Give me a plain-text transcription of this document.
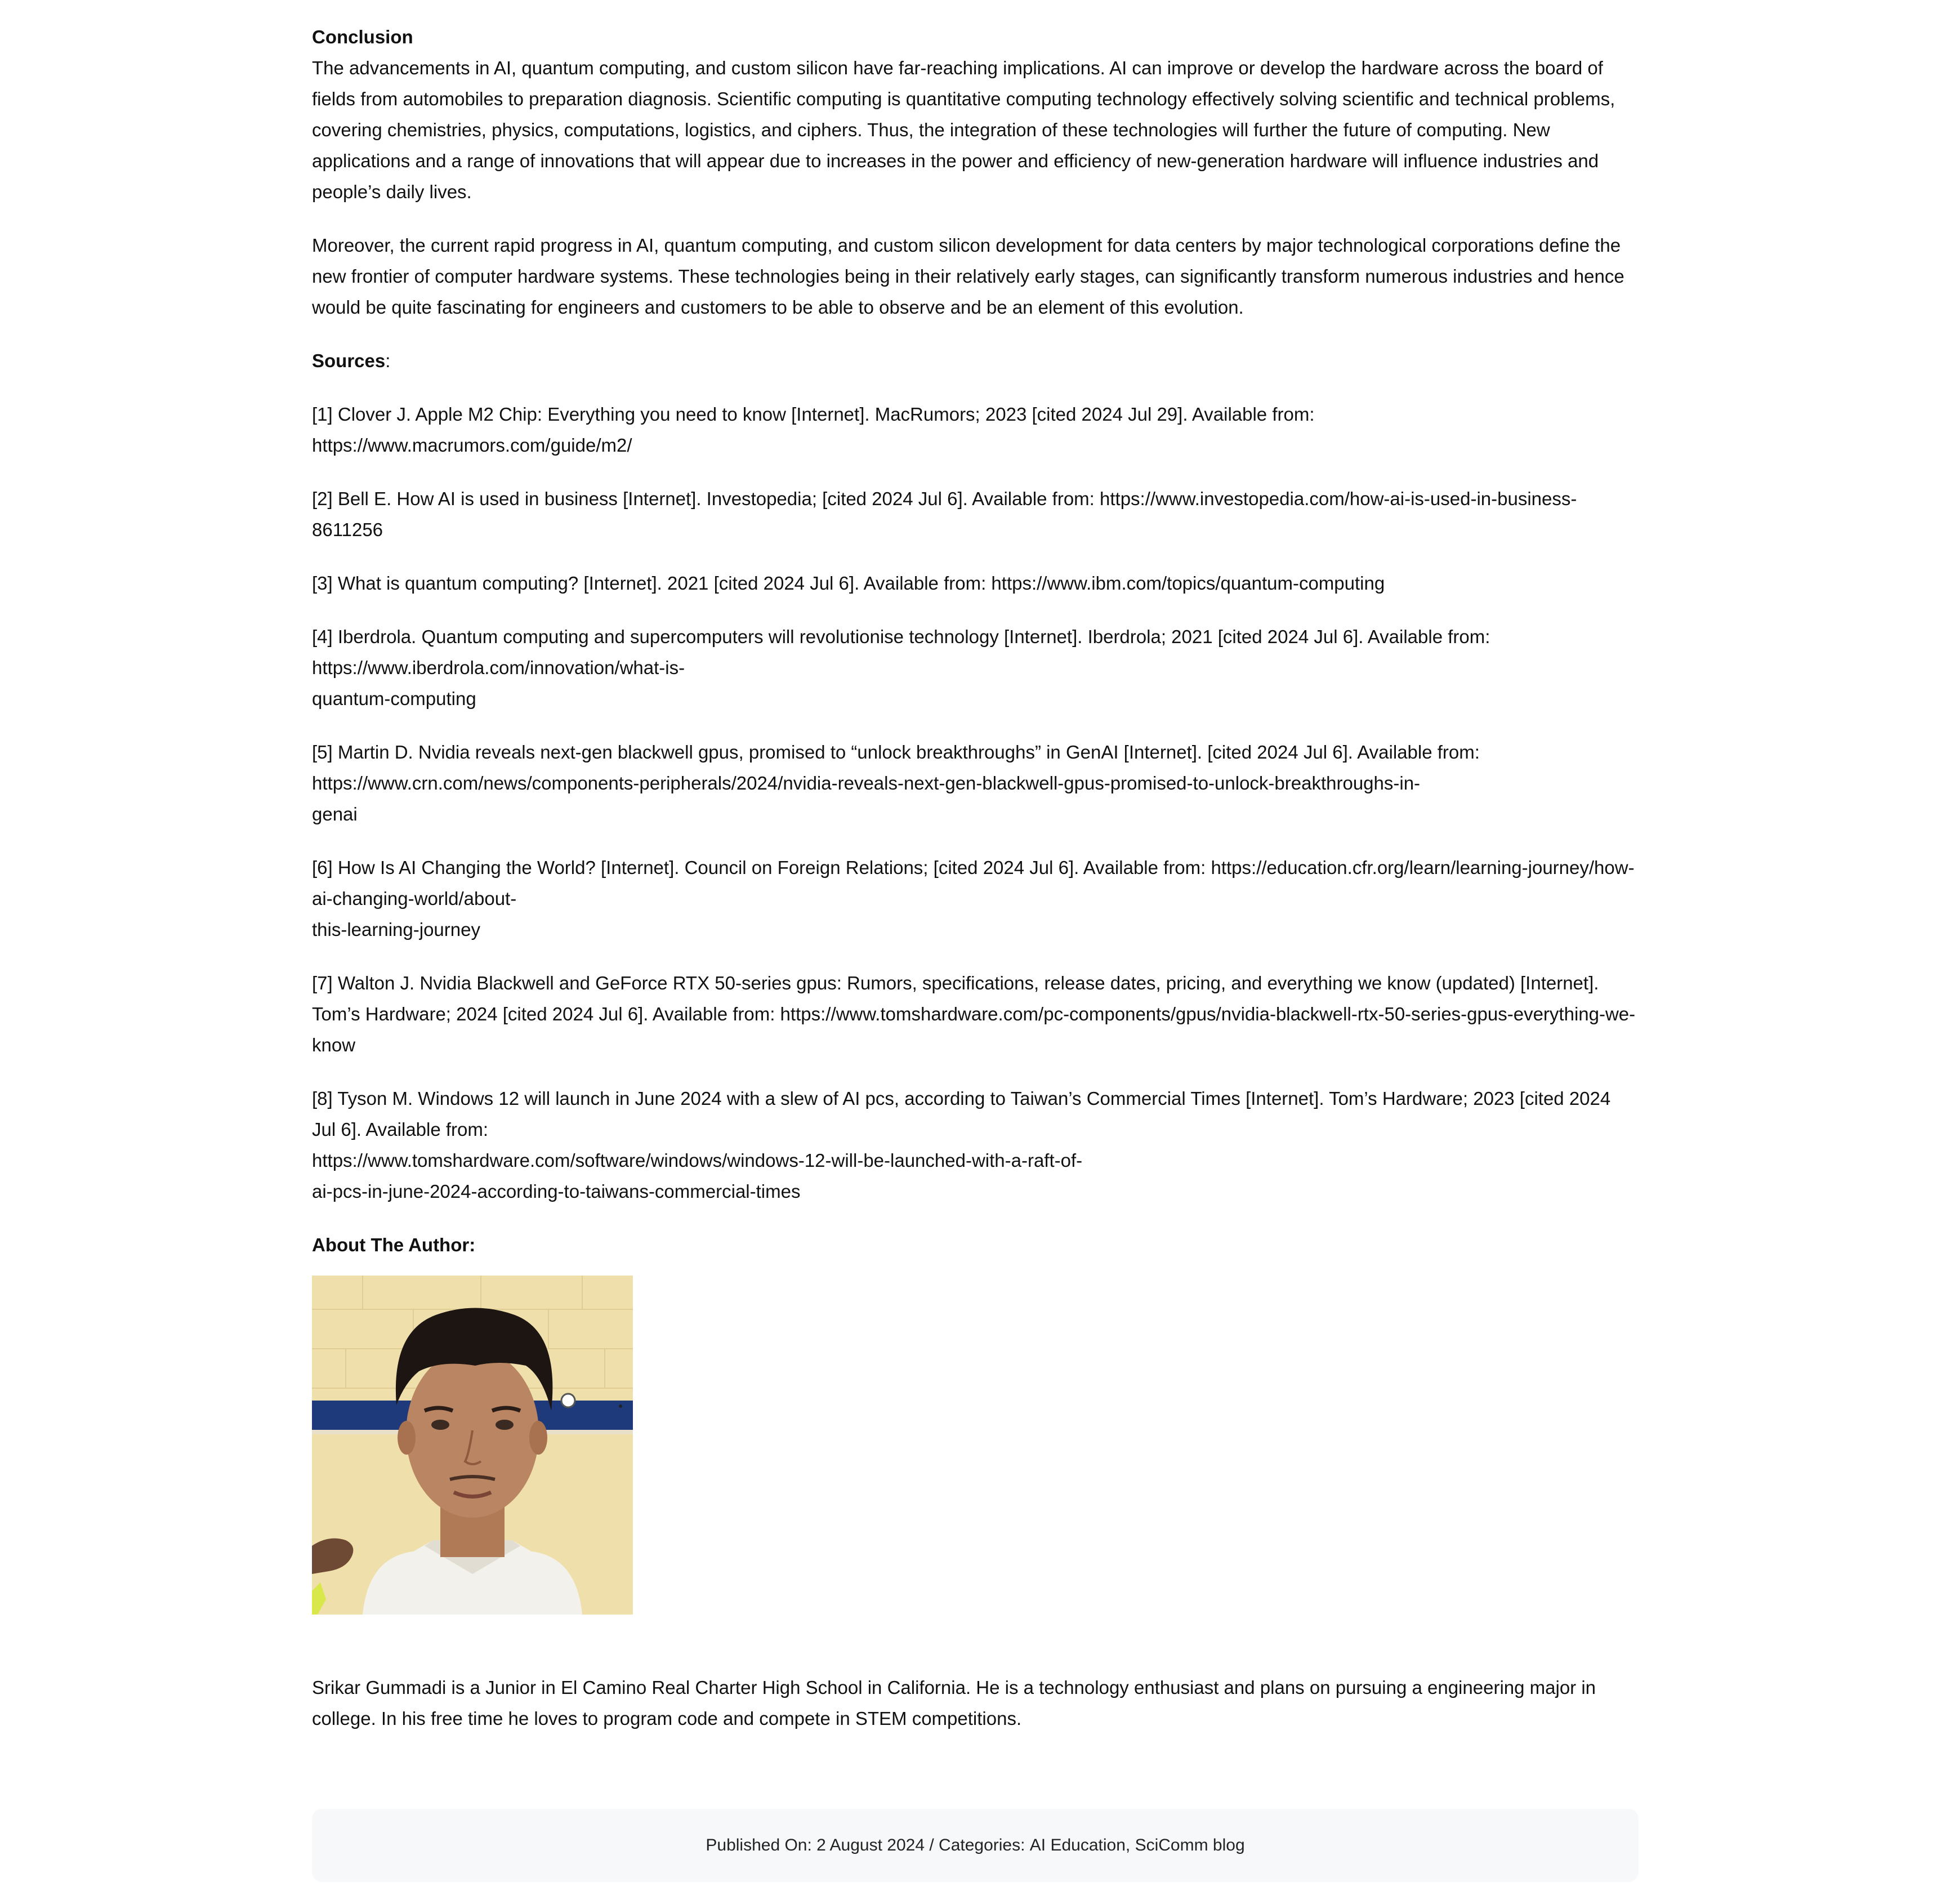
Conclusion

The advancements in AI, quantum computing, and custom silicon have far-reaching implications. AI can improve or develop the hardware across the board of fields from automobiles to preparation diagnosis. Scientific computing is quantitative computing technology effectively solving scientific and technical problems, covering chemistries, physics, computations, logistics, and ciphers. Thus, the integration of these technologies will further the future of computing. New applications and a range of innovations that will appear due to increases in the power and efficiency of new-generation hardware will influence industries and people’s daily lives.

Moreover, the current rapid progress in AI, quantum computing, and custom silicon development for data centers by major technological corporations define the new frontier of computer hardware systems. These technologies being in their relatively early stages, can significantly transform numerous industries and hence would be quite fascinating for engineers and customers to be able to observe and be an element of this evolution.

Sources:

[1] Clover J. Apple M2 Chip: Everything you need to know [Internet]. MacRumors; 2023 [cited 2024 Jul 29]. Available from: https://www.macrumors.com/guide/m2/
[2] Bell E. How AI is used in business [Internet]. Investopedia; [cited 2024 Jul 6]. Available from: https://www.investopedia.com/how-ai-is-used-in-business-8611256
[3] What is quantum computing? [Internet]. 2021 [cited 2024 Jul 6]. Available from: https://www.ibm.com/topics/quantum-computing
[4] Iberdrola. Quantum computing and supercomputers will revolutionise technology [Internet]. Iberdrola; 2021 [cited 2024 Jul 6]. Available from: https://www.iberdrola.com/innovation/what-is-
quantum-computing
[5] Martin D. Nvidia reveals next-gen blackwell gpus, promised to “unlock breakthroughs” in GenAI [Internet]. [cited 2024 Jul 6]. Available from: https://www.crn.com/news/components-peripherals/2024/nvidia-reveals-next-gen-blackwell-gpus-promised-to-unlock-breakthroughs-in-
genai
[6] How Is AI Changing the World? [Internet]. Council on Foreign Relations; [cited 2024 Jul 6]. Available from: https://education.cfr.org/learn/learning-journey/how-ai-changing-world/about-
this-learning-journey
[7] Walton J. Nvidia Blackwell and GeForce RTX 50-series gpus: Rumors, specifications, release dates, pricing, and everything we know (updated) [Internet]. Tom’s Hardware; 2024 [cited 2024 Jul 6]. Available from: https://www.tomshardware.com/pc-components/gpus/nvidia-blackwell-rtx-50-series-gpus-everything-we-know
[8] Tyson M. Windows 12 will launch in June 2024 with a slew of AI pcs, according to Taiwan’s Commercial Times [Internet]. Tom’s Hardware; 2023 [cited 2024 Jul 6]. Available from:
https://www.tomshardware.com/software/windows/windows-12-will-be-launched-with-a-raft-of-
ai-pcs-in-june-2024-according-to-taiwans-commercial-times

About The Author:

Srikar Gummadi is a Junior in El Camino Real Charter High School in California. He is a technology enthusiast and plans on pursuing a engineering major in college. In his free time he loves to program code and compete in STEM competitions.

Published On: 2 August 2024 / Categories: AI Education, SciComm blog
